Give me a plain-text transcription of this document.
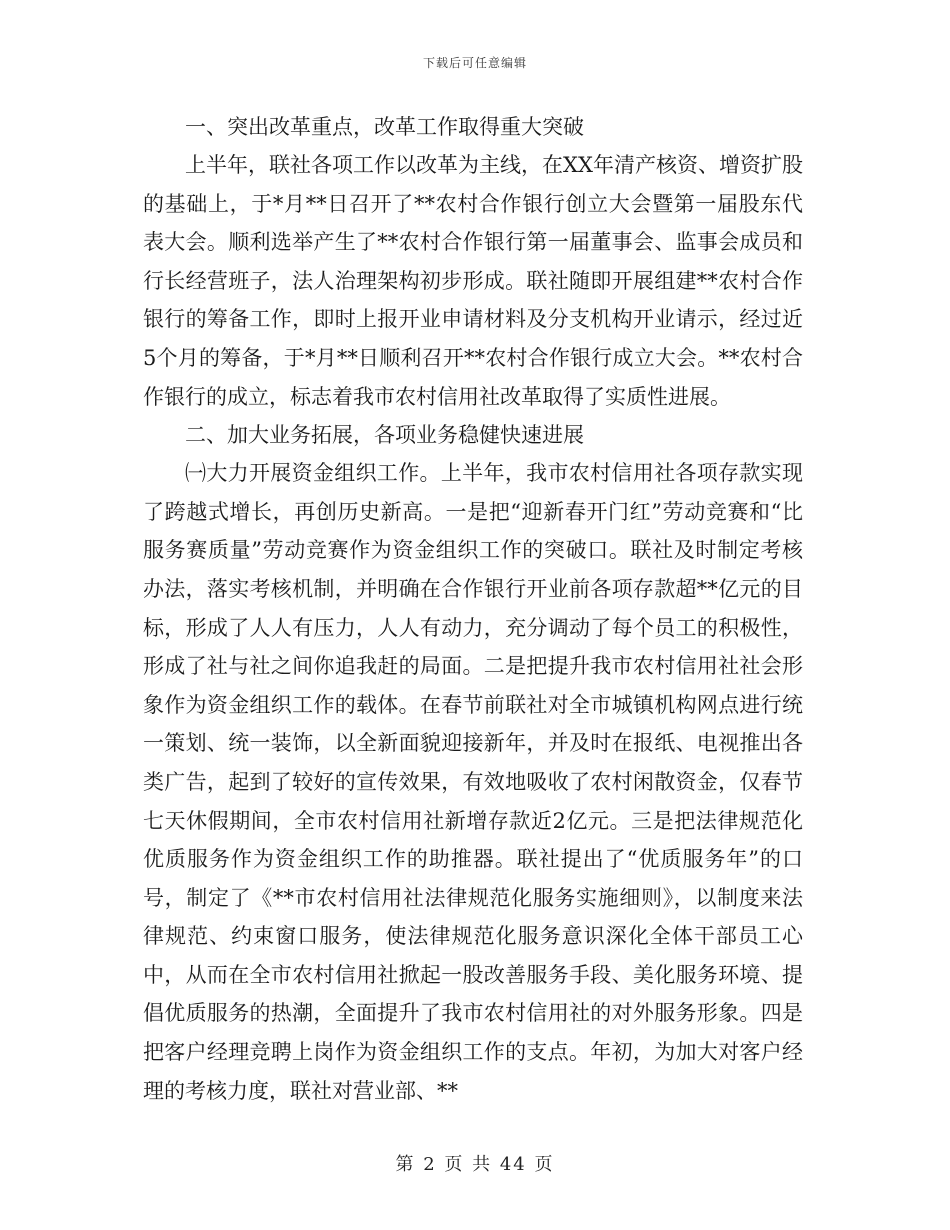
下载后可任意编辑

一、突出改革重点，改革工作取得重大突破

上半年，联社各项工作以改革为主线，在XX年清产核资、增资扩股的基础上，于*月**日召开了**农村合作银行创立大会暨第一届股东代表大会。顺利选举产生了**农村合作银行第一届董事会、监事会成员和行长经营班子，法人治理架构初步形成。联社随即开展组建**农村合作银行的筹备工作，即时上报开业申请材料及分支机构开业请示，经过近5个月的筹备，于*月**日顺利召开**农村合作银行成立大会。**农村合作银行的成立，标志着我市农村信用社改革取得了实质性进展。

二、加大业务拓展，各项业务稳健快速进展

㈠大力开展资金组织工作。上半年，我市农村信用社各项存款实现了跨越式增长，再创历史新高。一是把“迎新春开门红”劳动竞赛和“比服务赛质量”劳动竞赛作为资金组织工作的突破口。联社及时制定考核办法，落实考核机制，并明确在合作银行开业前各项存款超**亿元的目标，形成了人人有压力，人人有动力，充分调动了每个员工的积极性，形成了社与社之间你追我赶的局面。二是把提升我市农村信用社社会形象作为资金组织工作的载体。在春节前联社对全市城镇机构网点进行统一策划、统一装饰，以全新面貌迎接新年，并及时在报纸、电视推出各类广告，起到了较好的宣传效果，有效地吸收了农村闲散资金，仅春节七天休假期间，全市农村信用社新增存款近2亿元。三是把法律规范化优质服务作为资金组织工作的助推器。联社提出了“优质服务年”的口号，制定了《**市农村信用社法律规范化服务实施细则》，以制度来法律规范、约束窗口服务，使法律规范化服务意识深化全体干部员工心中，从而在全市农村信用社掀起一股改善服务手段、美化服务环境、提倡优质服务的热潮，全面提升了我市农村信用社的对外服务形象。四是把客户经理竞聘上岗作为资金组织工作的支点。年初，为加大对客户经理的考核力度，联社对营业部、**

第 2 页 共 44 页
